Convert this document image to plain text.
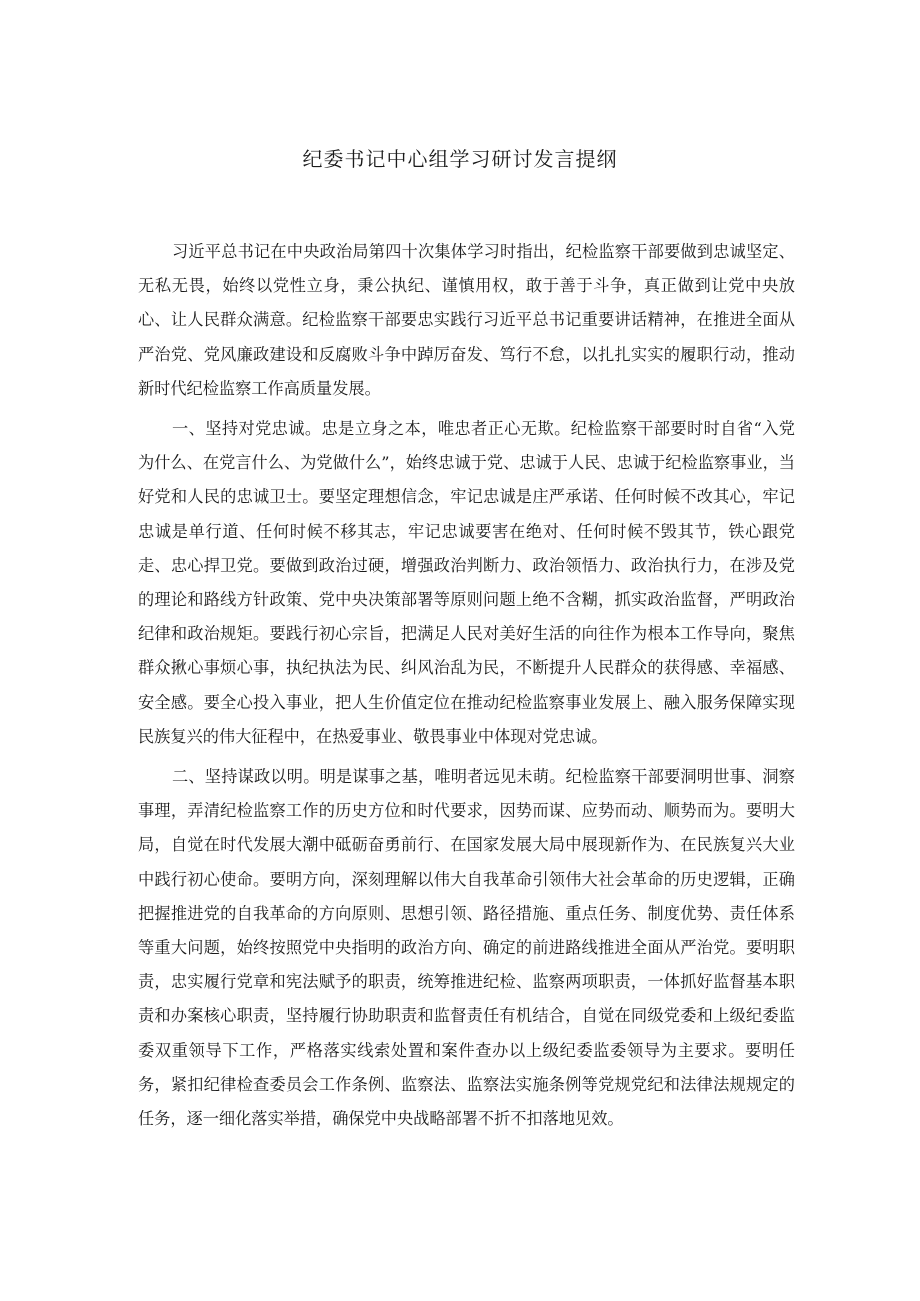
纪委书记中心组学习研讨发言提纲

习近平总书记在中央政治局第四十次集体学习时指出，纪检监察干部要做到忠诚坚定、无私无畏，始终以党性立身，秉公执纪、谨慎用权，敢于善于斗争，真正做到让党中央放心、让人民群众满意。纪检监察干部要忠实践行习近平总书记重要讲话精神，在推进全面从严治党、党风廉政建设和反腐败斗争中踔厉奋发、笃行不怠，以扎扎实实的履职行动，推动新时代纪检监察工作高质量发展。

一、坚持对党忠诚。忠是立身之本，唯忠者正心无欺。纪检监察干部要时时自省“入党为什么、在党言什么、为党做什么”，始终忠诚于党、忠诚于人民、忠诚于纪检监察事业，当好党和人民的忠诚卫士。要坚定理想信念，牢记忠诚是庄严承诺、任何时候不改其心，牢记忠诚是单行道、任何时候不移其志，牢记忠诚要害在绝对、任何时候不毁其节，铁心跟党走、忠心捍卫党。要做到政治过硬，增强政治判断力、政治领悟力、政治执行力，在涉及党的理论和路线方针政策、党中央决策部署等原则问题上绝不含糊，抓实政治监督，严明政治纪律和政治规矩。要践行初心宗旨，把满足人民对美好生活的向往作为根本工作导向，聚焦群众揪心事烦心事，执纪执法为民、纠风治乱为民，不断提升人民群众的获得感、幸福感、安全感。要全心投入事业，把人生价值定位在推动纪检监察事业发展上、融入服务保障实现民族复兴的伟大征程中，在热爱事业、敬畏事业中体现对党忠诚。

二、坚持谋政以明。明是谋事之基，唯明者远见未萌。纪检监察干部要洞明世事、洞察事理，弄清纪检监察工作的历史方位和时代要求，因势而谋、应势而动、顺势而为。要明大局，自觉在时代发展大潮中砥砺奋勇前行、在国家发展大局中展现新作为、在民族复兴大业中践行初心使命。要明方向，深刻理解以伟大自我革命引领伟大社会革命的历史逻辑，正确把握推进党的自我革命的方向原则、思想引领、路径措施、重点任务、制度优势、责任体系等重大问题，始终按照党中央指明的政治方向、确定的前进路线推进全面从严治党。要明职责，忠实履行党章和宪法赋予的职责，统筹推进纪检、监察两项职责，一体抓好监督基本职责和办案核心职责，坚持履行协助职责和监督责任有机结合，自觉在同级党委和上级纪委监委双重领导下工作，严格落实线索处置和案件查办以上级纪委监委领导为主要求。要明任务，紧扣纪律检查委员会工作条例、监察法、监察法实施条例等党规党纪和法律法规规定的任务，逐一细化落实举措，确保党中央战略部署不折不扣落地见效。
